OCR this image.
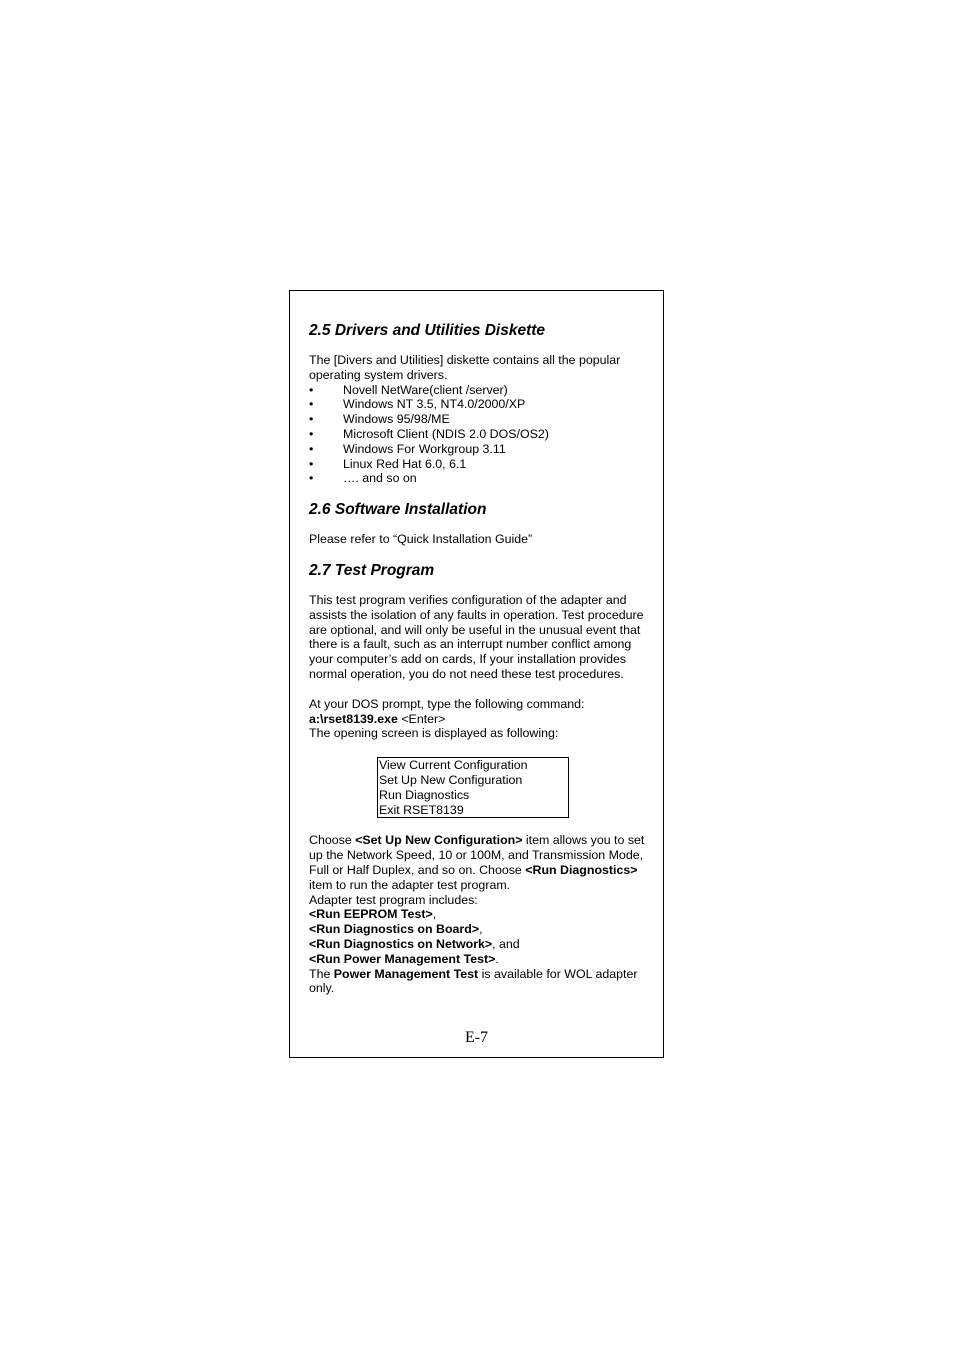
2.5 Drivers and Utilities Diskette

The [Divers and Utilities] diskette contains all the popular operating system drivers.

• Novell NetWare(client /server)
• Windows NT 3.5, NT4.0/2000/XP
• Windows 95/98/ME
• Microsoft Client (NDIS 2.0 DOS/OS2)
• Windows For Workgroup 3.11
• Linux Red Hat 6.0, 6.1
• …. and so on
2.6 Software Installation

Please refer to “Quick Installation Guide”

2.7 Test Program

This test program verifies configuration of the adapter and assists the isolation of any faults in operation. Test procedure are optional, and will only be useful in the unusual event that there is a fault, such as an interrupt number conflict among your computer’s add on cards, If your installation provides normal operation, you do not need these test procedures.

At your DOS prompt, type the following command:

a:\rset8139.exe <Enter>

The opening screen is displayed as following:

View Current Configuration
Set Up New Configuration
Run Diagnostics
Exit RSET8139

Choose <Set Up New Configuration> item allows you to set up the Network Speed, 10 or 100M, and Transmission Mode, Full or Half Duplex, and so on. Choose <Run Diagnostics> item to run the adapter test program.

Adapter test program includes:

<Run EEPROM Test>,

<Run Diagnostics on Board>,

<Run Diagnostics on Network>, and

<Run Power Management Test>.

The Power Management Test is available for WOL adapter only.

E-7
